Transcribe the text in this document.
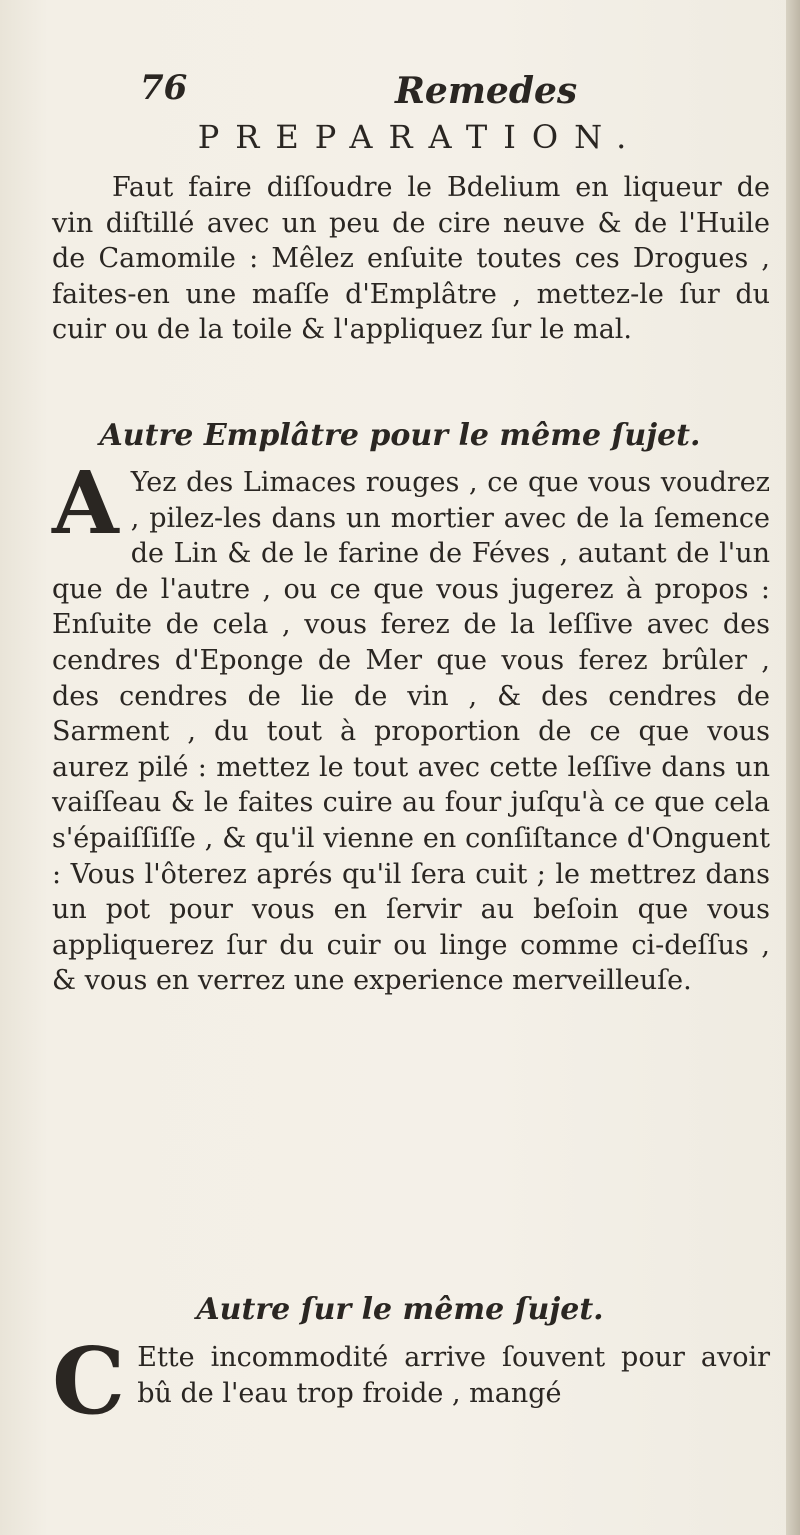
76	Remedes
PREPARATION.

Faut faire diſſoudre le Bdelium en liqueur de vin diſtillé avec un peu de cire neuve & de l'Huile de Camomile : Mêlez enſuite toutes ces Drogues , faites-en une maſſe d'Emplâtre , mettez-le ſur du cuir ou de la toile & l'appliquez ſur le mal.

Autre Emplâtre pour le même ſujet.
A Yez des Limaces rouges , ce que vous voudrez , pilez-les dans un mortier avec de la ſemence de Lin & de le farine de Féves , autant de l'un que de l'autre , ou ce que vous jugerez à propos : Enſuite de cela , vous ferez de la leſſive avec des cendres d'Eponge de Mer que vous ferez brûler , des cendres de lie de vin , & des cendres de Sarment , du tout à proportion de ce que vous aurez pilé : mettez le tout avec cette leſſive dans un vaiſſeau & le faites cuire au four juſqu'à ce que cela s'épaiſſiſſe , & qu'il vienne en conſiſtance d'Onguent : Vous l'ôterez aprés qu'il ſera cuit ; le mettrez dans un pot pour vous en ſervir au beſoin que vous appliquerez ſur du cuir ou linge comme ci-deſſus , & vous en verrez une experience merveilleuſe.
Autre ſur le même ſujet.
C Ette incommodité arrive ſouvent pour avoir bû de l'eau trop froide , mangé
